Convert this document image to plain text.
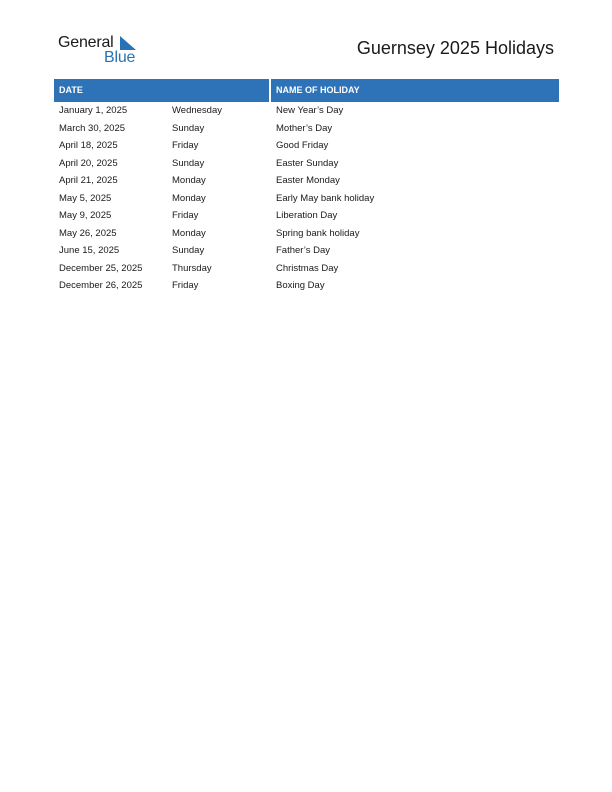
General
Blue	Guernsey 2025 Holidays
DATE	NAME OF HOLIDAY
January 1, 2025	Wednesday	New Year’s Day
March 30, 2025	Sunday	Mother’s Day
April 18, 2025	Friday	Good Friday
April 20, 2025	Sunday	Easter Sunday
April 21, 2025	Monday	Easter Monday
May 5, 2025	Monday	Early May bank holiday
May 9, 2025	Friday	Liberation Day
May 26, 2025	Monday	Spring bank holiday
June 15, 2025	Sunday	Father’s Day
December 25, 2025	Thursday	Christmas Day
December 26, 2025	Friday	Boxing Day
